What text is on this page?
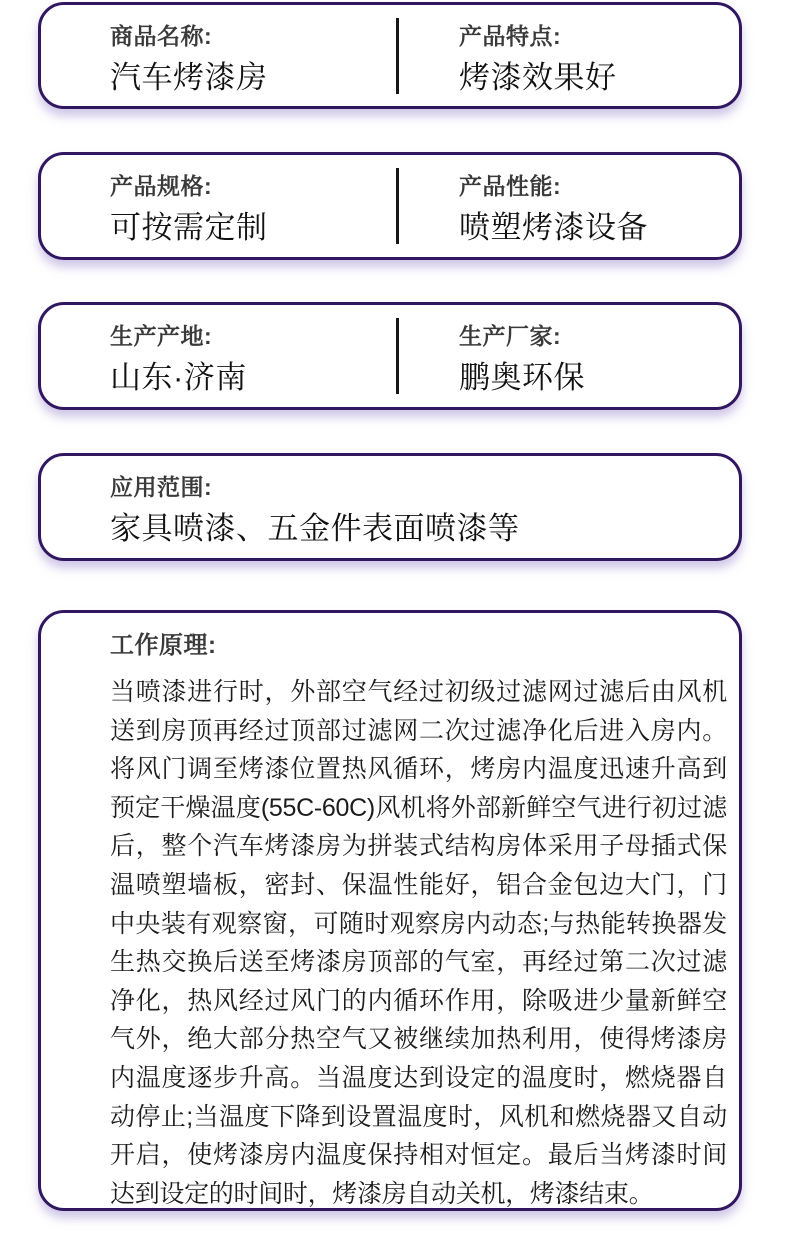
商品名称:
汽车烤漆房
产品特点:
烤漆效果好
产品规格:
可按需定制
产品性能:
喷塑烤漆设备
生产产地:
山东·济南
生产厂家:
鹏奥环保
应用范围:
家具喷漆、五金件表面喷漆等
工作原理:
当喷漆进行时，外部空气经过初级过滤网过滤后由风机送到房顶再经过顶部过滤网二次过滤净化后进入房内。将风门调至烤漆位置热风循环，烤房内温度迅速升高到预定干燥温度(55C-60C)风机将外部新鲜空气进行初过滤后，整个汽车烤漆房为拼装式结构房体采用子母插式保温喷塑墙板，密封、保温性能好，铝合金包边大门，门中央装有观察窗，可随时观察房内动态;与热能转换器发生热交换后送至烤漆房顶部的气室，再经过第二次过滤净化，热风经过风门的内循环作用，除吸进少量新鲜空气外，绝大部分热空气又被继续加热利用，使得烤漆房内温度逐步升高。当温度达到设定的温度时，燃烧器自动停止;当温度下降到设置温度时，风机和燃烧器又自动开启，使烤漆房内温度保持相对恒定。最后当烤漆时间达到设定的时间时，烤漆房自动关机，烤漆结束。
